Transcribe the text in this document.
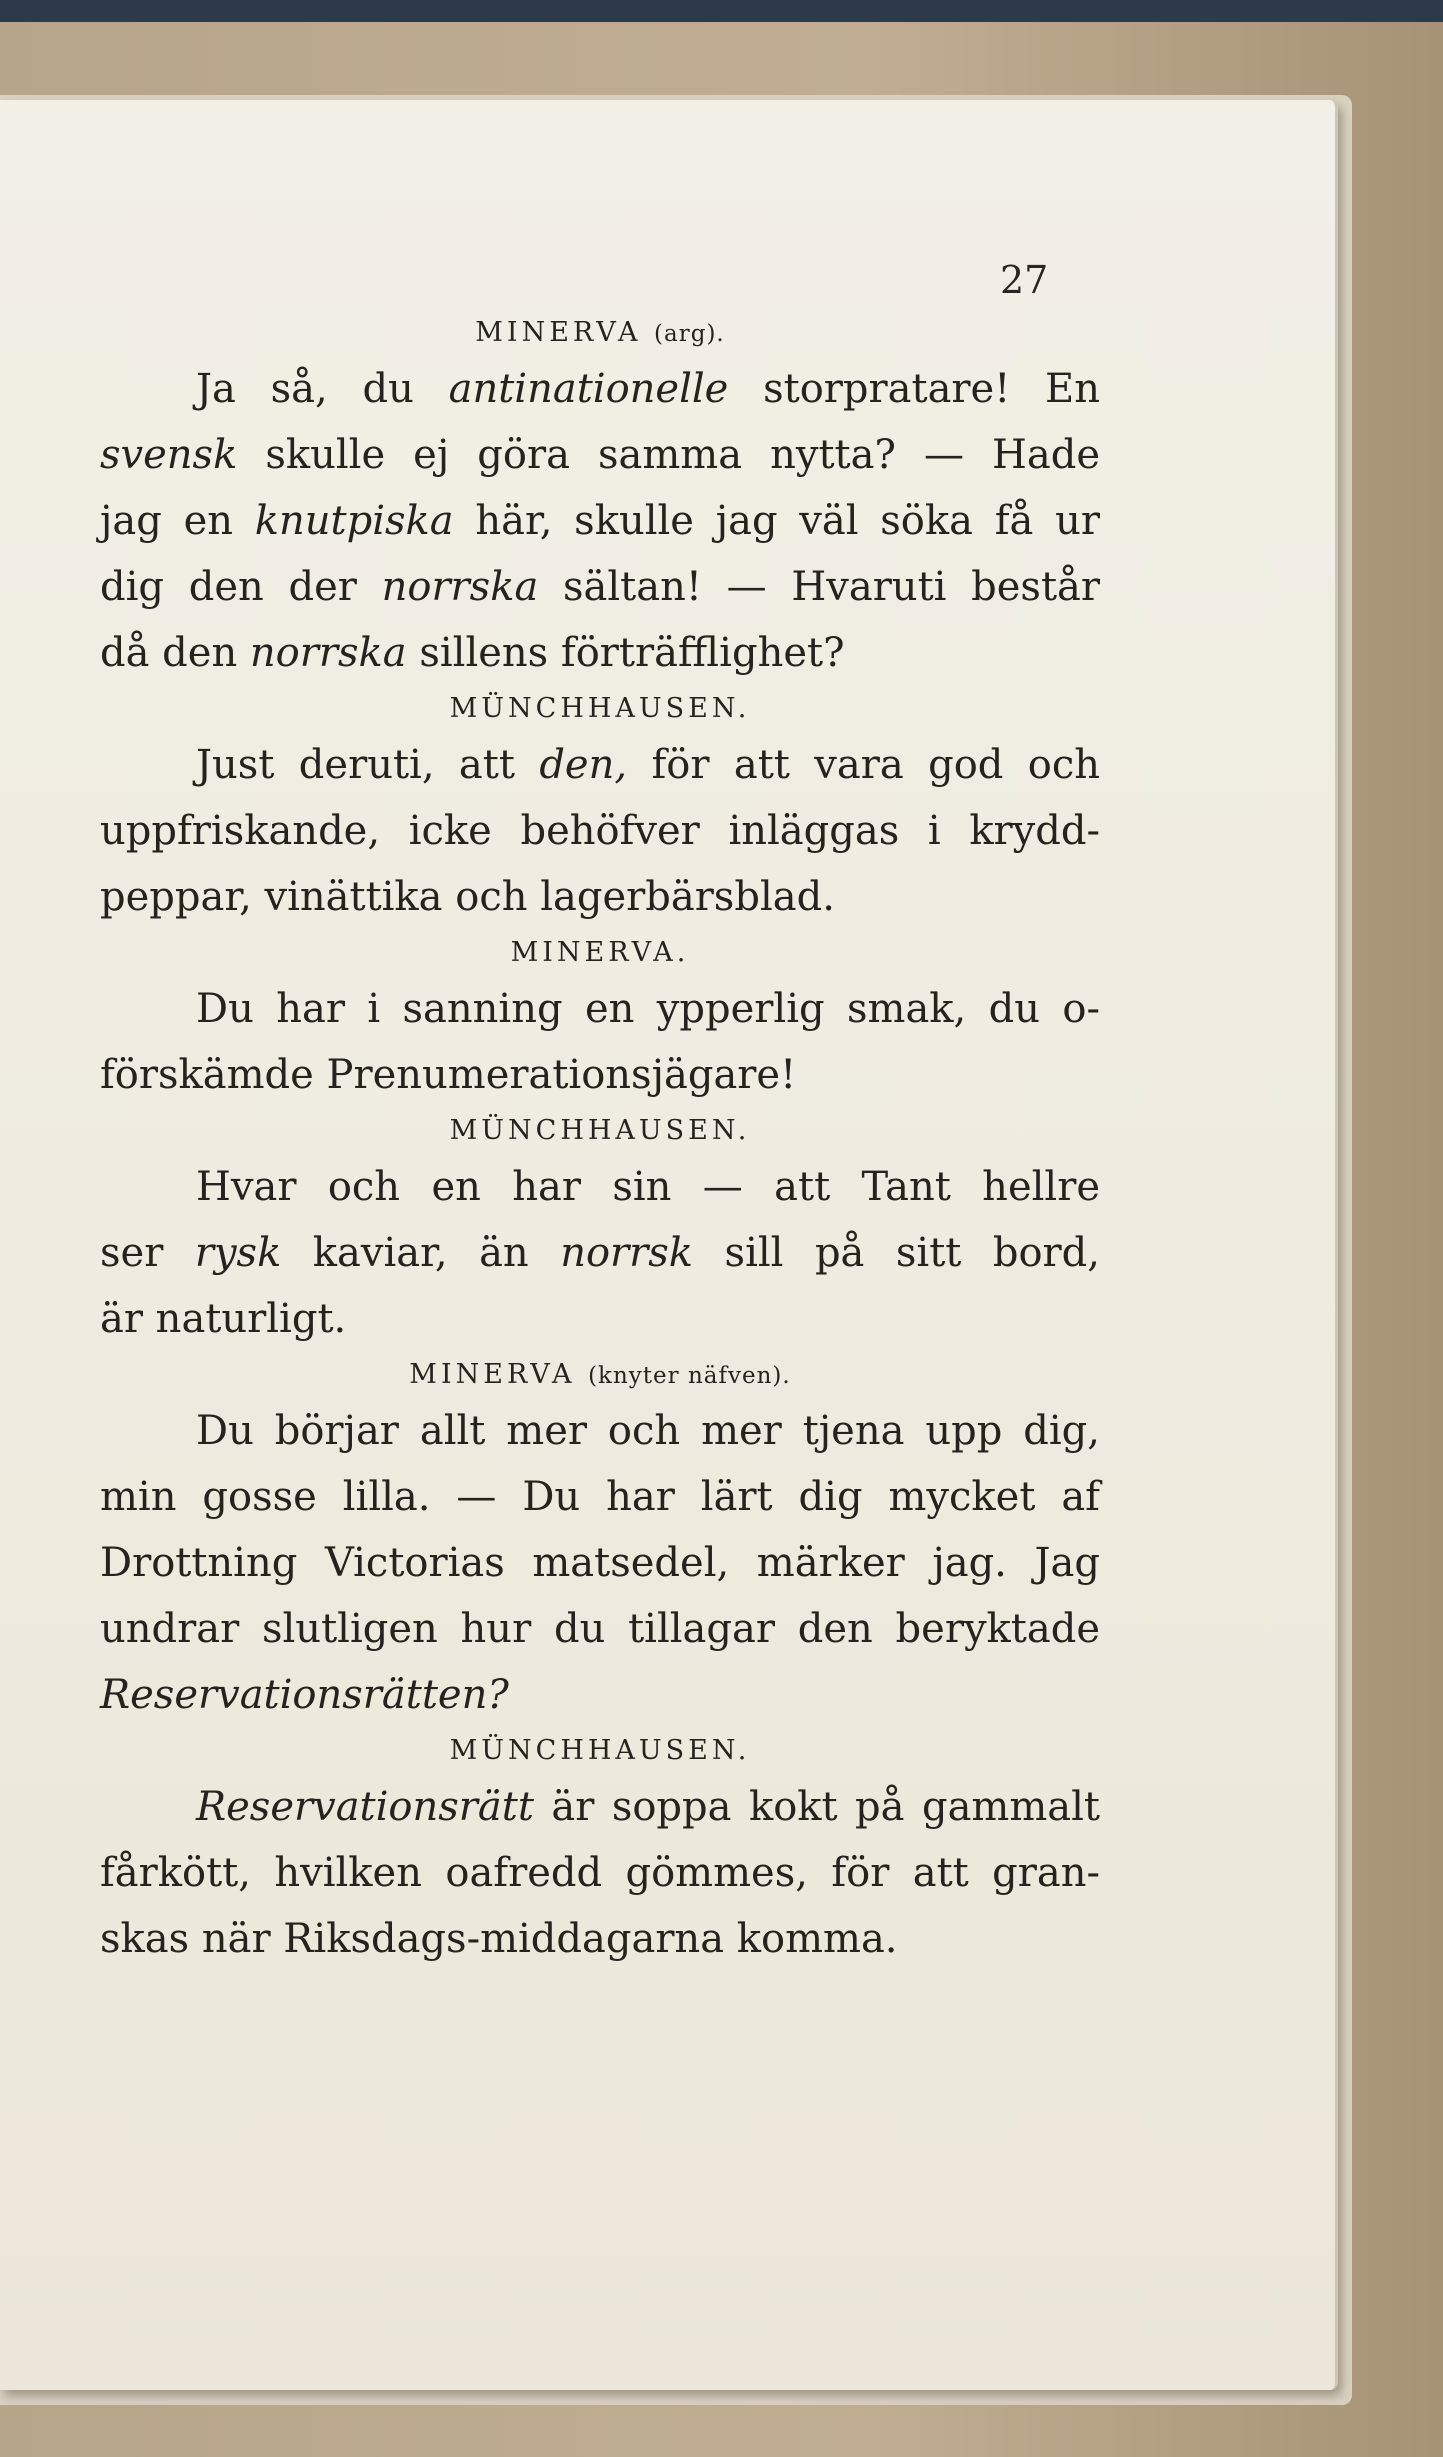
27
MINERVA (arg).
Ja så, du antinationelle storpratare! En
svensk skulle ej göra samma nytta? — Hade
jag en knutpiska här, skulle jag väl söka få ur
dig den der norrska sältan! — Hvaruti består
då den norrska sillens förträfflighet?
MÜNCHHAUSEN.
Just deruti, att den, för att vara god och
uppfriskande, icke behöfver inläggas i krydd-
peppar, vinättika och lagerbärsblad.
MINERVA.
Du har i sanning en ypperlig smak, du o-
förskämde Prenumerationsjägare!
MÜNCHHAUSEN.
Hvar och en har sin — att Tant hellre
ser rysk kaviar, än norrsk sill på sitt bord,
är naturligt.
MINERVA (knyter näfven).
Du börjar allt mer och mer tjena upp dig,
min gosse lilla. — Du har lärt dig mycket af
Drottning Victorias matsedel, märker jag. Jag
undrar slutligen hur du tillagar den beryktade
Reservationsrätten?
MÜNCHHAUSEN.
Reservationsrätt är soppa kokt på gammalt
fårkött, hvilken oafredd gömmes, för att gran-
skas när Riksdags-middagarna komma.
